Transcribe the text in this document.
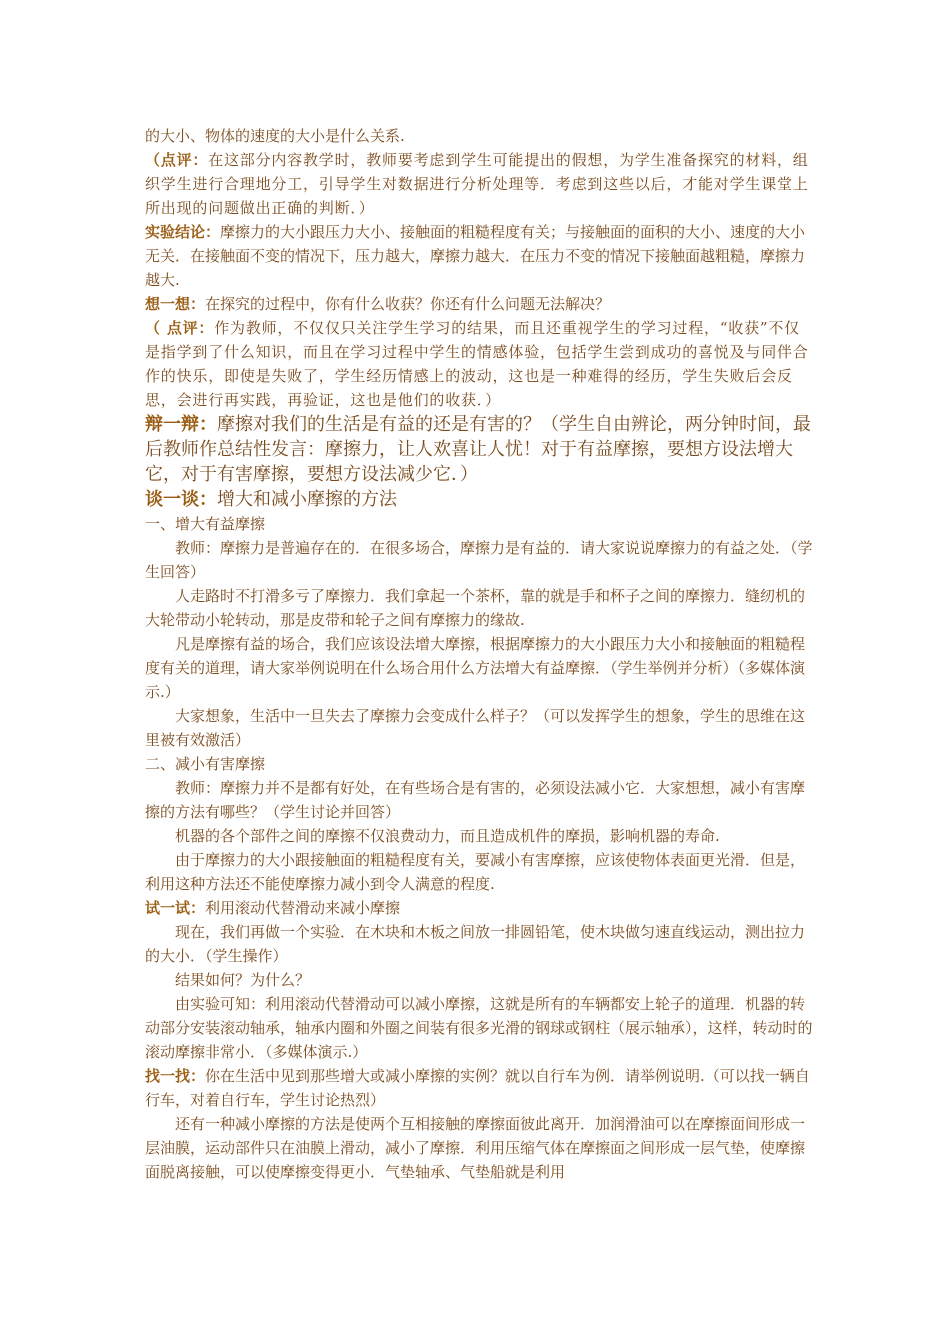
的大小、物体的速度的大小是什么关系.

（点评：在这部分内容教学时，教师要考虑到学生可能提出的假想，为学生准备探究的材料，组织学生进行合理地分工，引导学生对数据进行分析处理等．考虑到这些以后，才能对学生课堂上所出现的问题做出正确的判断．）

实验结论：摩擦力的大小跟压力大小、接触面的粗糙程度有关；与接触面的面积的大小、速度的大小无关．在接触面不变的情况下，压力越大，摩擦力越大．在压力不变的情况下接触面越粗糙，摩擦力越大.

想一想：在探究的过程中，你有什么收获？你还有什么问题无法解决？

（ 点评：作为教师，不仅仅只关注学生学习的结果，而且还重视学生的学习过程，“收获”不仅是指学到了什么知识，而且在学习过程中学生的情感体验，包括学生尝到成功的喜悦及与同伴合作的快乐，即使是失败了，学生经历情感上的波动，这也是一种难得的经历，学生失败后会反思，会进行再实践，再验证，这也是他们的收获．）

辩一辩：摩擦对我们的生活是有益的还是有害的？（学生自由辨论，两分钟时间，最后教师作总结性发言：摩擦力，让人欢喜让人忧！对于有益摩擦，要想方设法增大它，对于有害摩擦，要想方设法减少它．）

谈一谈：增大和减小摩擦的方法

一、增大有益摩擦

教师：摩擦力是普遍存在的．在很多场合，摩擦力是有益的．请大家说说摩擦力的有益之处．（学生回答）

人走路时不打滑多亏了摩擦力．我们拿起一个茶杯，靠的就是手和杯子之间的摩擦力．缝纫机的大轮带动小轮转动，那是皮带和轮子之间有摩擦力的缘故.

凡是摩擦有益的场合，我们应该设法增大摩擦，根据摩擦力的大小跟压力大小和接触面的粗糙程度有关的道理，请大家举例说明在什么场合用什么方法增大有益摩擦．（学生举例并分析）（多媒体演示.）

大家想象，生活中一旦失去了摩擦力会变成什么样子？（可以发挥学生的想象，学生的思维在这里被有效激活）

二、减小有害摩擦

教师：摩擦力并不是都有好处，在有些场合是有害的，必须设法减小它．大家想想，减小有害摩擦的方法有哪些？（学生讨论并回答）

机器的各个部件之间的摩擦不仅浪费动力，而且造成机件的摩损，影响机器的寿命.

由于摩擦力的大小跟接触面的粗糙程度有关，要减小有害摩擦，应该使物体表面更光滑．但是，利用这种方法还不能使摩擦力减小到令人满意的程度.

试一试：利用滚动代替滑动来减小摩擦

现在，我们再做一个实验．在木块和木板之间放一排圆铅笔，使木块做匀速直线运动，测出拉力的大小．（学生操作）

结果如何？为什么？

由实验可知：利用滚动代替滑动可以减小摩擦，这就是所有的车辆都安上轮子的道理．机器的转动部分安装滚动轴承，轴承内圈和外圈之间装有很多光滑的钢球或钢柱（展示轴承），这样，转动时的滚动摩擦非常小．（多媒体演示.）

找一找：你在生活中见到那些增大或减小摩擦的实例？就以自行车为例．请举例说明.（可以找一辆自行车，对着自行车，学生讨论热烈）

还有一种减小摩擦的方法是使两个互相接触的摩擦面彼此离开．加润滑油可以在摩擦面间形成一层油膜，运动部件只在油膜上滑动，减小了摩擦．利用压缩气体在摩擦面之间形成一层气垫，使摩擦面脱离接触，可以使摩擦变得更小．气垫轴承、气垫船就是利用
